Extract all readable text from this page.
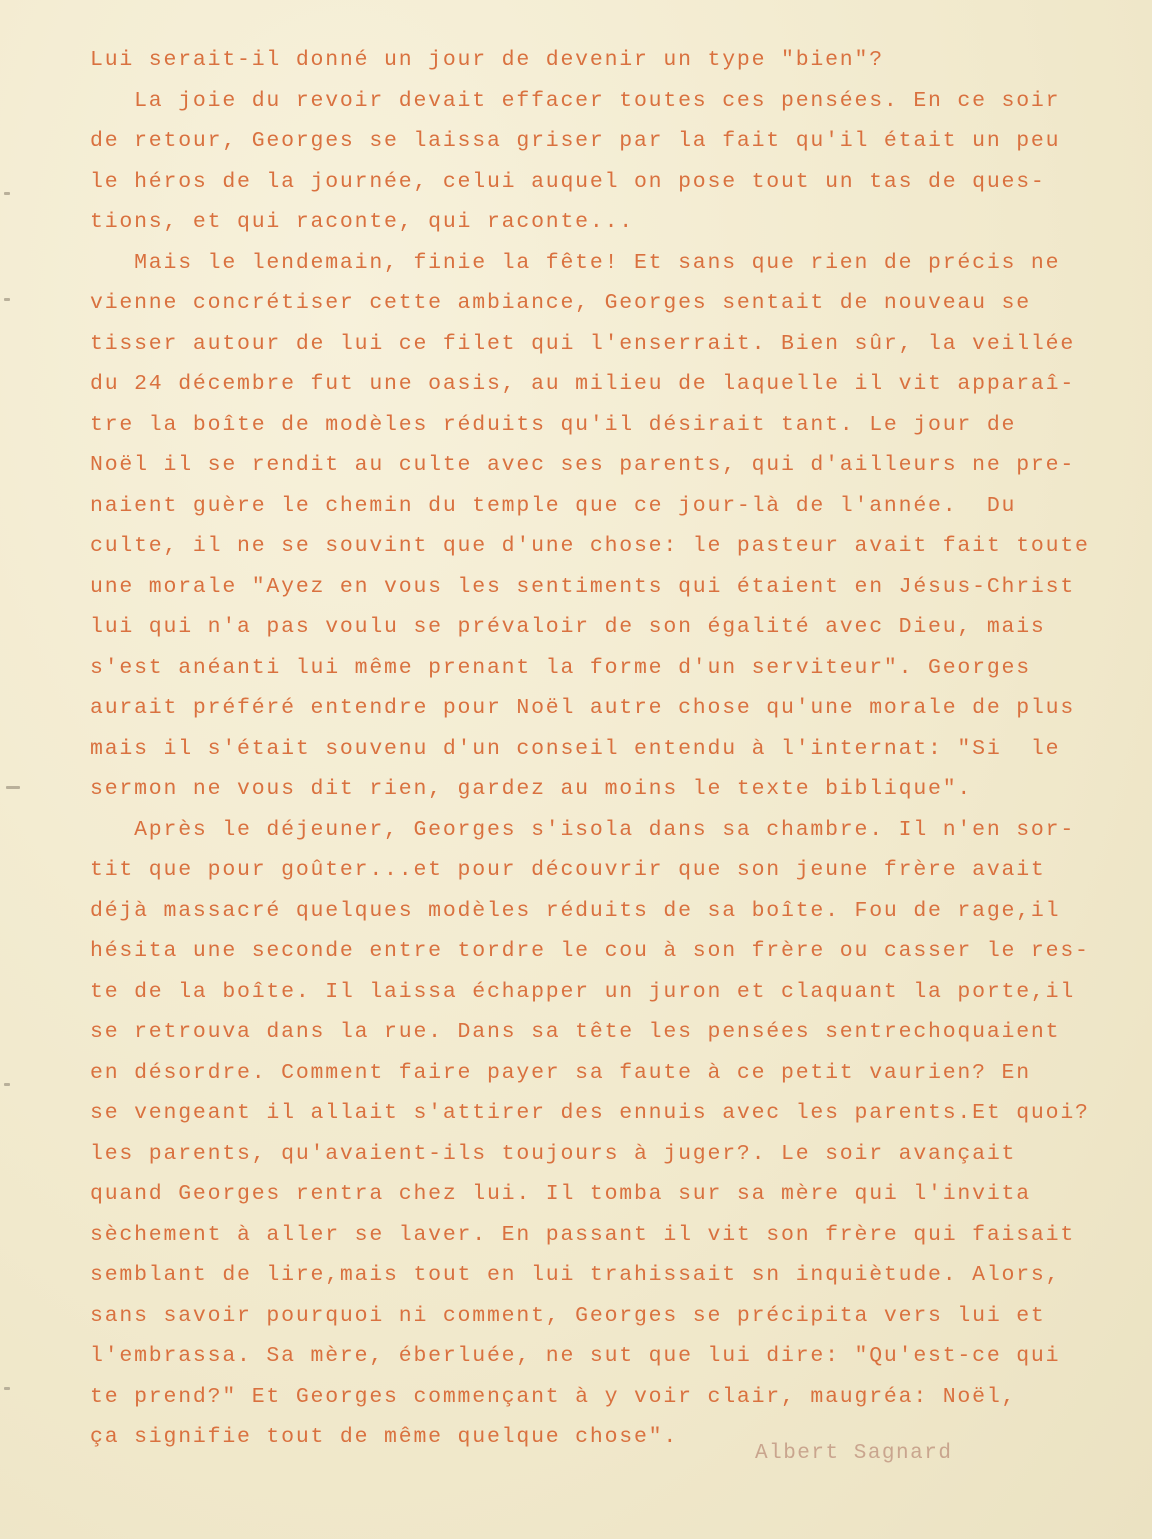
Lui serait-il donné un jour de devenir un type "bien"?
La joie du revoir devait effacer toutes ces pensées. En ce soir
de retour, Georges se laissa griser par la fait qu'il était un peu
le héros de la journée, celui auquel on pose tout un tas de ques-
tions, et qui raconte, qui raconte...
Mais le lendemain, finie la fête! Et sans que rien de précis ne
vienne concrétiser cette ambiance, Georges sentait de nouveau se
tisser autour de lui ce filet qui l'enserrait. Bien sûr, la veillée
du 24 décembre fut une oasis, au milieu de laquelle il vit apparaî-
tre la boîte de modèles réduits qu'il désirait tant. Le jour de
Noël il se rendit au culte avec ses parents, qui d'ailleurs ne pre-
naient guère le chemin du temple que ce jour-là de l'année.  Du
culte, il ne se souvint que d'une chose: le pasteur avait fait toute
une morale "Ayez en vous les sentiments qui étaient en Jésus-Christ
lui qui n'a pas voulu se prévaloir de son égalité avec Dieu, mais
s'est anéanti lui même prenant la forme d'un serviteur". Georges
aurait préféré entendre pour Noël autre chose qu'une morale de plus
mais il s'était souvenu d'un conseil entendu à l'internat: "Si  le
sermon ne vous dit rien, gardez au moins le texte biblique".
Après le déjeuner, Georges s'isola dans sa chambre. Il n'en sor-
tit que pour goûter...et pour découvrir que son jeune frère avait
déjà massacré quelques modèles réduits de sa boîte. Fou de rage,il
hésita une seconde entre tordre le cou à son frère ou casser le res-
te de la boîte. Il laissa échapper un juron et claquant la porte,il
se retrouva dans la rue. Dans sa tête les pensées sentrechoquaient
en désordre. Comment faire payer sa faute à ce petit vaurien? En
se vengeant il allait s'attirer des ennuis avec les parents.Et quoi?
les parents, qu'avaient-ils toujours à juger?. Le soir avançait
quand Georges rentra chez lui. Il tomba sur sa mère qui l'invita
sèchement à aller se laver. En passant il vit son frère qui faisait
semblant de lire,mais tout en lui trahissait sn inquiètude. Alors,
sans savoir pourquoi ni comment, Georges se précipita vers lui et
l'embrassa. Sa mère, éberluée, ne sut que lui dire: "Qu'est-ce qui
te prend?" Et Georges commençant à y voir clair, maugréa: Noël,
ça signifie tout de même quelque chose".
Albert Sagnard
